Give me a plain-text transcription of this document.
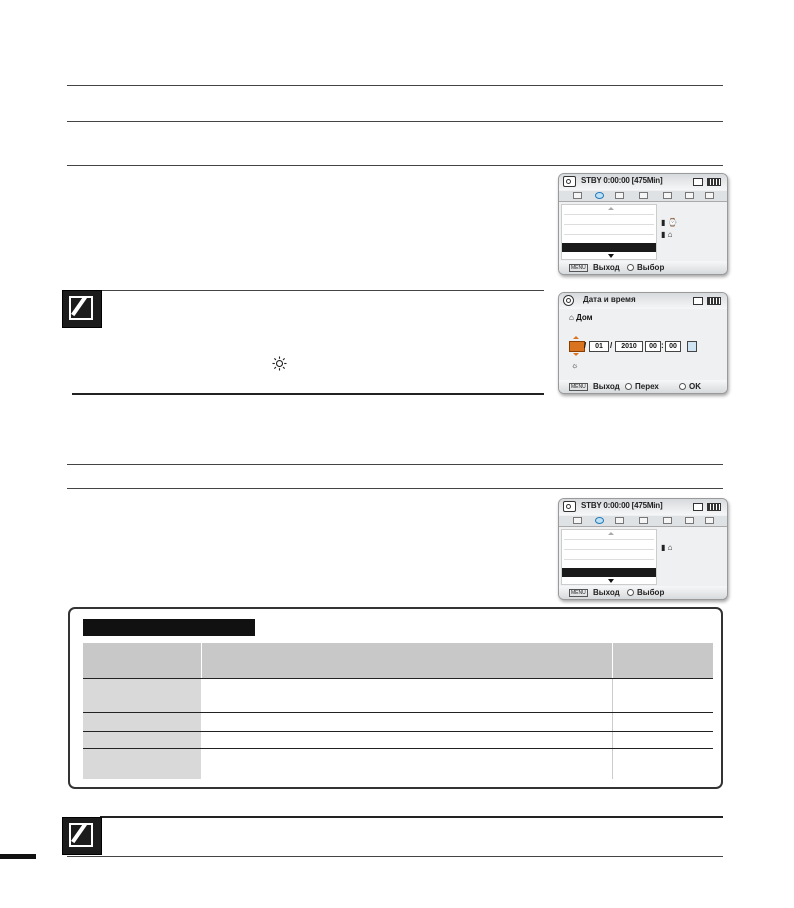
STBY 0:00:00 [475Min]
▮ ⌚
▮ ⌂
MENU Выход Выбор
Дата и время
⌂ Дом
/	01 /	2010	00 : 00
☼
MENU Выход Перех	OK
STBY 0:00:00 [475Min]
▮ ⌂
MENU Выход Выбор
